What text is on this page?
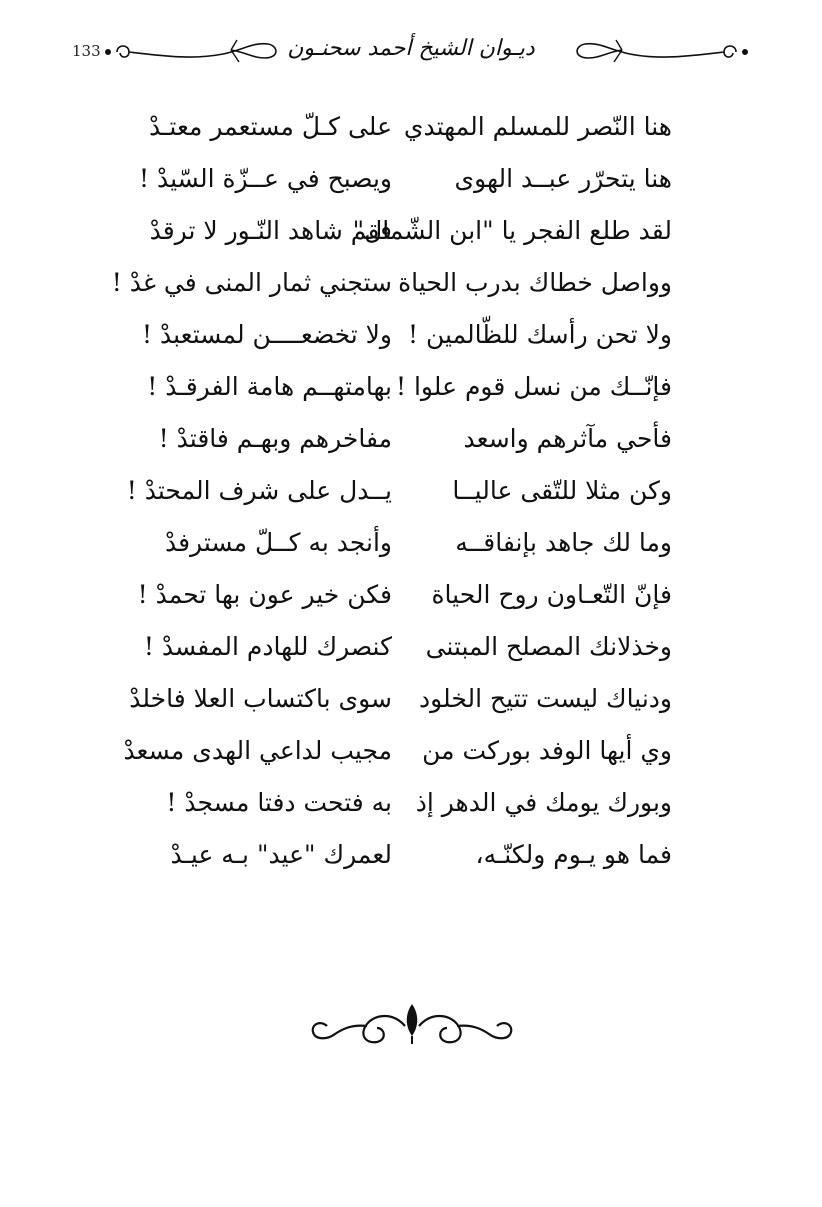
133	ديـوان الشيخ أحمد سحنـون
هنا النّصر للمسلم المهتدي
على كـلّ مستعمر معتـدْ
هنا يتحرّر عبــد الهوى
ويصبح في عــزّة السّيدْ !
لقد طلع الفجر يا "ابن الشّمال"
فقم شاهد النّـور لا ترقدْ
وواصل خطاك بدرب الحياة
ستجني ثمار المنى في غدْ !
ولا تحن رأسك للظّالمين !
ولا تخضعــــن لمستعبدْ !
فإنّــك من نسل قوم علوا !
بهامتهــم هامة الفرقـدْ !
فأحي مآثرهم واسعد
مفاخرهم وبهـم فاقتدْ !
وكن مثلا للتّقى عاليــا
يــدل على شرف المحتدْ !
وما لك جاهد بإنفاقــه
وأنجد به كــلّ مسترفدْ
فإنّ التّعـاون روح الحياة
فكن خير عون بها تحمدْ !
وخذلانك المصلح المبتنى
كنصرك للهادم المفسدْ !
ودنياك ليست تتيح الخلود
سوى باكتساب العلا فاخلدْ
وي أيها الوفد بوركت من
مجيب لداعي الهدى مسعدْ
وبورك يومك في الدهر إذ
به فتحت دفتا مسجدْ !
فما هو يـوم ولكنّـه،
لعمرك "عيد" بـه عيـدْ
